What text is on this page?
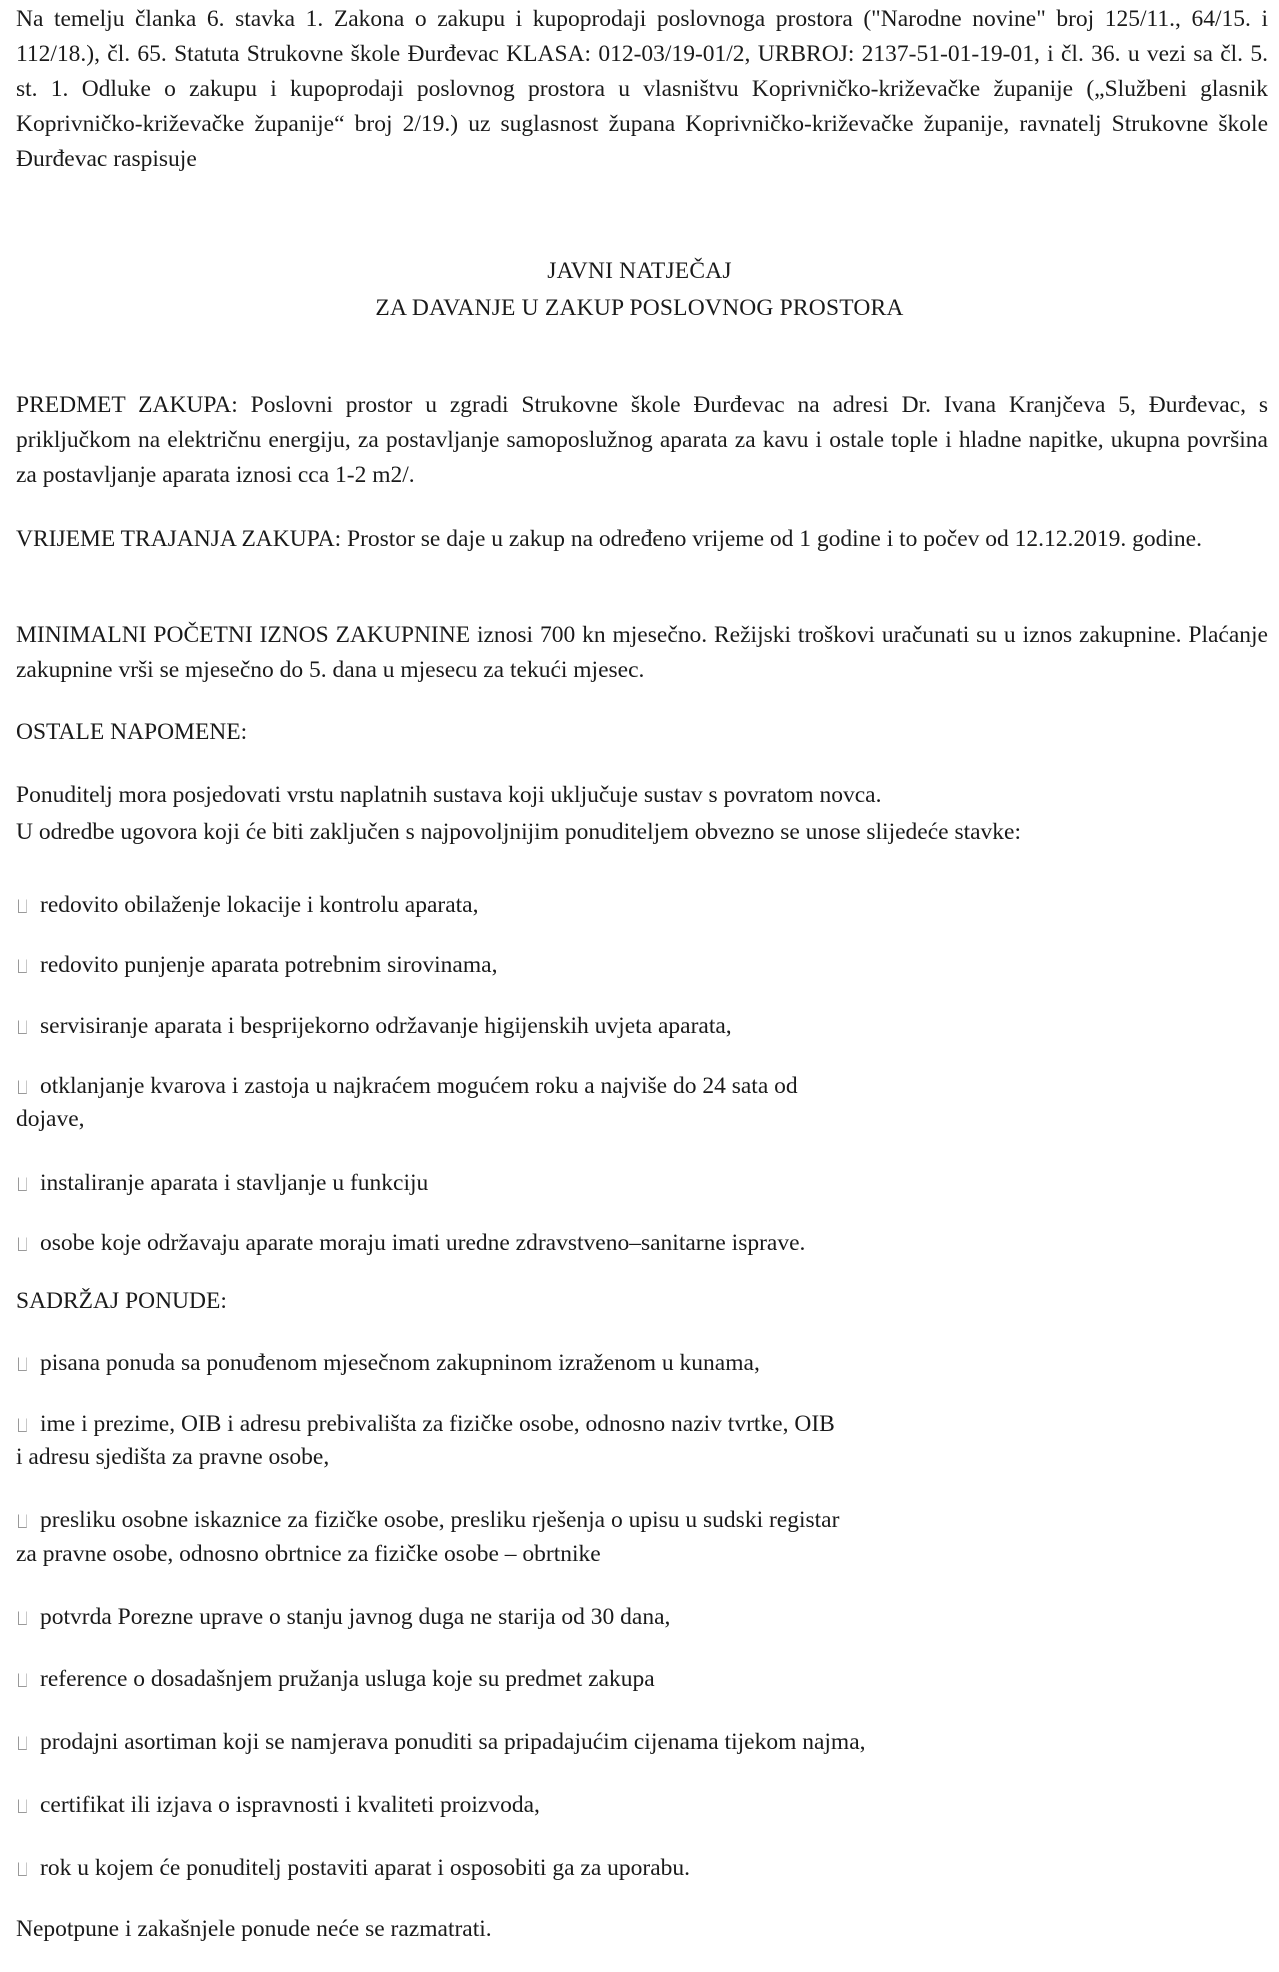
Na temelju članka 6. stavka 1. Zakona o zakupu i kupoprodaji poslovnoga prostora ("Narodne novine" broj 125/11., 64/15. i 112/18.), čl. 65. Statuta Strukovne škole Đurđevac KLASA: 012-03/19-01/2, URBROJ: 2137-51-01-19-01, i čl. 36. u vezi sa čl. 5. st. 1. Odluke o zakupu i kupoprodaji poslovnog prostora u vlasništvu Koprivničko-križevačke županije („Službeni glasnik Koprivničko-križevačke županije“ broj 2/19.) uz suglasnost župana Koprivničko-križevačke županije, ravnatelj Strukovne škole Đurđevac raspisuje

JAVNI NATJEČAJ

ZA DAVANJE U ZAKUP POSLOVNOG PROSTORA

PREDMET ZAKUPA: Poslovni prostor u zgradi Strukovne škole Đurđevac na adresi Dr. Ivana Kranjčeva 5, Đurđevac, s priključkom na električnu energiju, za postavljanje samoposlužnog aparata za kavu i ostale tople i hladne napitke, ukupna površina za postavljanje aparata iznosi cca 1-2 m2/.

VRIJEME TRAJANJA ZAKUPA: Prostor se daje u zakup na određeno vrijeme od 1 godine i to počev od 12.12.2019. godine.

MINIMALNI POČETNI IZNOS ZAKUPNINE iznosi 700 kn mjesečno. Režijski troškovi uračunati su u iznos zakupnine. Plaćanje zakupnine vrši se mjesečno do 5. dana u mjesecu za tekući mjesec.

OSTALE NAPOMENE:

Ponuditelj mora posjedovati vrstu naplatnih sustava koji uključuje sustav s povratom novca.

U odredbe ugovora koji će biti zaključen s najpovoljnijim ponuditeljem obvezno se unose slijedeće stavke:

redovito obilaženje lokacije i kontrolu aparata,

redovito punjenje aparata potrebnim sirovinama,

servisiranje aparata i besprijekorno održavanje higijenskih uvjeta aparata,

otklanjanje kvarova i zastoja u najkraćem mogućem roku a najviše do 24 sata od

dojave,

instaliranje aparata i stavljanje u funkciju

osobe koje održavaju aparate moraju imati uredne zdravstveno–sanitarne isprave.

SADRŽAJ PONUDE:

pisana ponuda sa ponuđenom mjesečnom zakupninom izraženom u kunama,

ime i prezime, OIB i adresu prebivališta za fizičke osobe, odnosno naziv tvrtke, OIB

i adresu sjedišta za pravne osobe,

presliku osobne iskaznice za fizičke osobe, presliku rješenja o upisu u sudski registar

za pravne osobe, odnosno obrtnice za fizičke osobe – obrtnike

potvrda Porezne uprave o stanju javnog duga ne starija od 30 dana,

reference o dosadašnjem pružanja usluga koje su predmet zakupa

prodajni asortiman koji se namjerava ponuditi sa pripadajućim cijenama tijekom najma,

certifikat ili izjava o ispravnosti i kvaliteti proizvoda,

rok u kojem će ponuditelj postaviti aparat i osposobiti ga za uporabu.

Nepotpune i zakašnjele ponude neće se razmatrati.
